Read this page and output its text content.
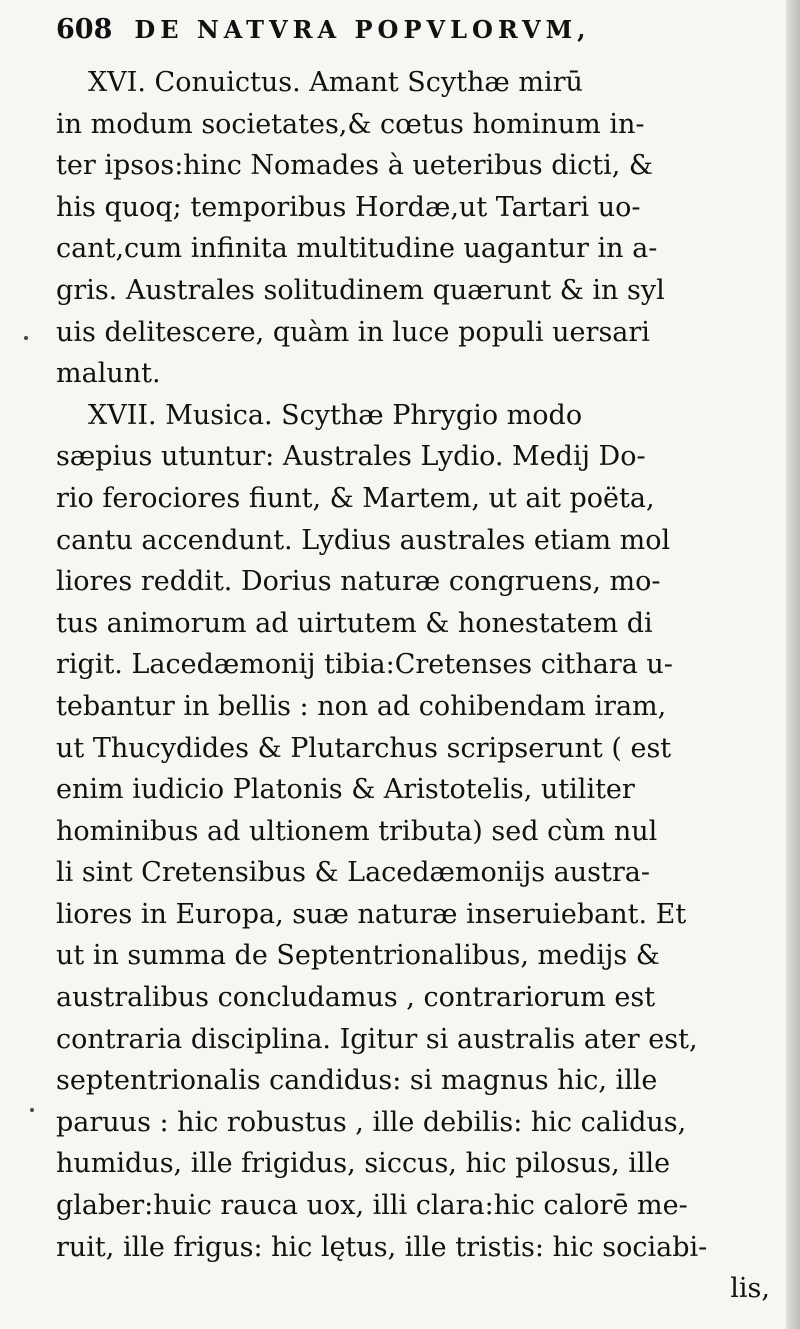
608 DE NATVRA POPVLORVM,
XVI. Conuictus. Amant Scythæ mirū
in modum societates,& cœtus hominum in-
ter ipsos:hinc Nomades à ueteribus dicti, &
his quoq; temporibus Hordæ,ut Tartari uo-
cant,cum infinita multitudine uagantur in a-
gris. Australes solitudinem quærunt & in syl
uis delitescere, quàm in luce populi uersari
malunt.
XVII. Musica. Scythæ Phrygio modo
sæpius utuntur: Australes Lydio. Medij Do-
rio ferociores fiunt, & Martem, ut ait poëta,
cantu accendunt. Lydius australes etiam mol
liores reddit. Dorius naturæ congruens, mo-
tus animorum ad uirtutem & honestatem di
rigit. Lacedæmonij tibia:Cretenses cithara u-
tebantur in bellis : non ad cohibendam iram,
ut Thucydides & Plutarchus scripserunt ( est
enim iudicio Platonis & Aristotelis, utiliter
hominibus ad ultionem tributa) sed cùm nul
li sint Cretensibus & Lacedæmonijs austra-
liores in Europa, suæ naturæ inseruiebant. Et
ut in summa de Septentrionalibus, medijs &
australibus concludamus , contrariorum est
contraria disciplina. Igitur si australis ater est,
septentrionalis candidus: si magnus hic, ille
paruus : hic robustus , ille debilis: hic calidus,
humidus, ille frigidus, siccus, hic pilosus, ille
glaber:huic rauca uox, illi clara:hic calorē me-
ruit, ille frigus: hic lętus, ille tristis: hic sociabi-
lis,
